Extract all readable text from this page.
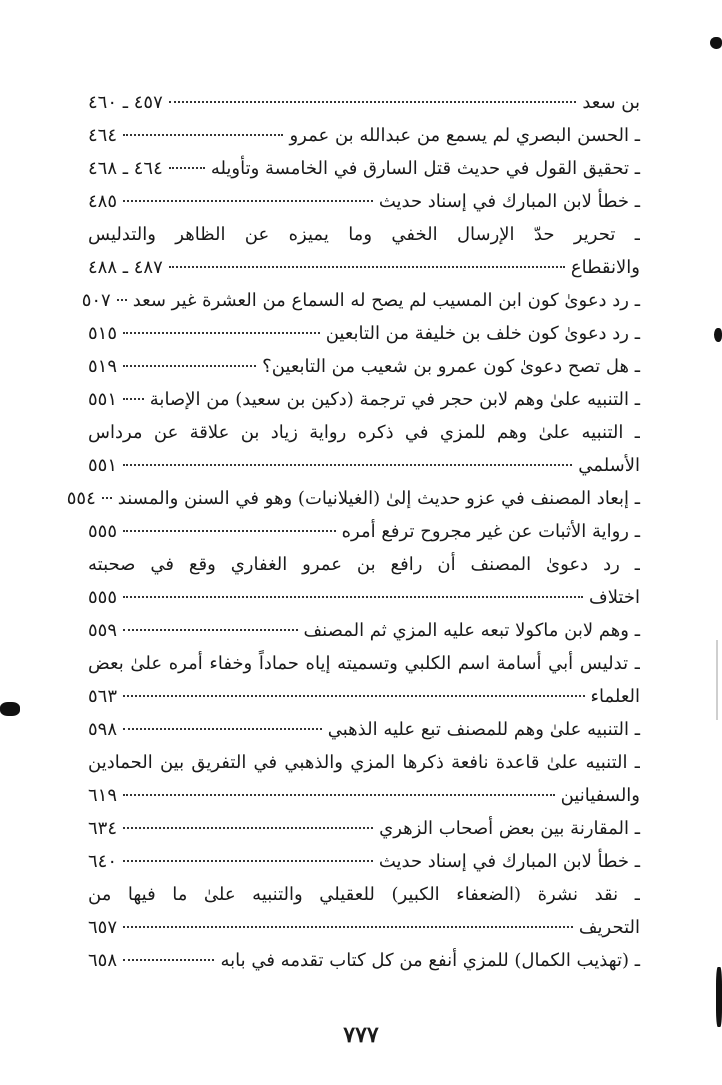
بن سعد
٤٥٧ ـ ٤٦٠
ـ الحسن البصري لم يسمع من عبدالله بن عمرو
٤٦٤
ـ تحقيق القول في حديث قتل السارق في الخامسة وتأويله
٤٦٤ ـ ٤٦٨
ـ خطأ لابن المبارك في إسناد حديث
٤٨٥
ـ تحرير حدّ الإرسال الخفي وما يميزه عن الظاهر والتدليس
والانقطاع
٤٨٧ ـ ٤٨٨
ـ رد دعوىٰ كون ابن المسيب لم يصح له السماع من العشرة غير سعد
٥٠٧
ـ رد دعوىٰ كون خلف بن خليفة من التابعين
٥١٥
ـ هل تصح دعوىٰ كون عمرو بن شعيب من التابعين؟
٥١٩
ـ التنبيه علىٰ وهم لابن حجر في ترجمة (دكين بن سعيد) من الإصابة
٥٥١
ـ التنبيه علىٰ وهم للمزي في ذكره رواية زياد بن علاقة عن مرداس
الأسلمي
٥٥١
ـ إبعاد المصنف في عزو حديث إلىٰ (الغيلانيات) وهو في السنن والمسند
٥٥٤
ـ رواية الأثبات عن غير مجروح ترفع أمره
٥٥٥
ـ رد دعوىٰ المصنف أن رافع بن عمرو الغفاري وقع في صحبته
اختلاف
٥٥٥
ـ وهم لابن ماكولا تبعه عليه المزي ثم المصنف
٥٥٩
ـ تدليس أبي أسامة اسم الكلبي وتسميته إياه حماداً وخفاء أمره علىٰ بعض
العلماء
٥٦٣
ـ التنبيه علىٰ وهم للمصنف تبع عليه الذهبي
٥٩٨
ـ التنبيه علىٰ قاعدة نافعة ذكرها المزي والذهبي في التفريق بين الحمادين
والسفيانين
٦١٩
ـ المقارنة بين بعض أصحاب الزهري
٦٣٤
ـ خطأ لابن المبارك في إسناد حديث
٦٤٠
ـ نقد نشرة (الضعفاء الكبير) للعقيلي والتنبيه علىٰ ما فيها من
التحريف
٦٥٧
ـ (تهذيب الكمال) للمزي أنفع من كل كتاب تقدمه في بابه
٦٥٨
٧٧٧
